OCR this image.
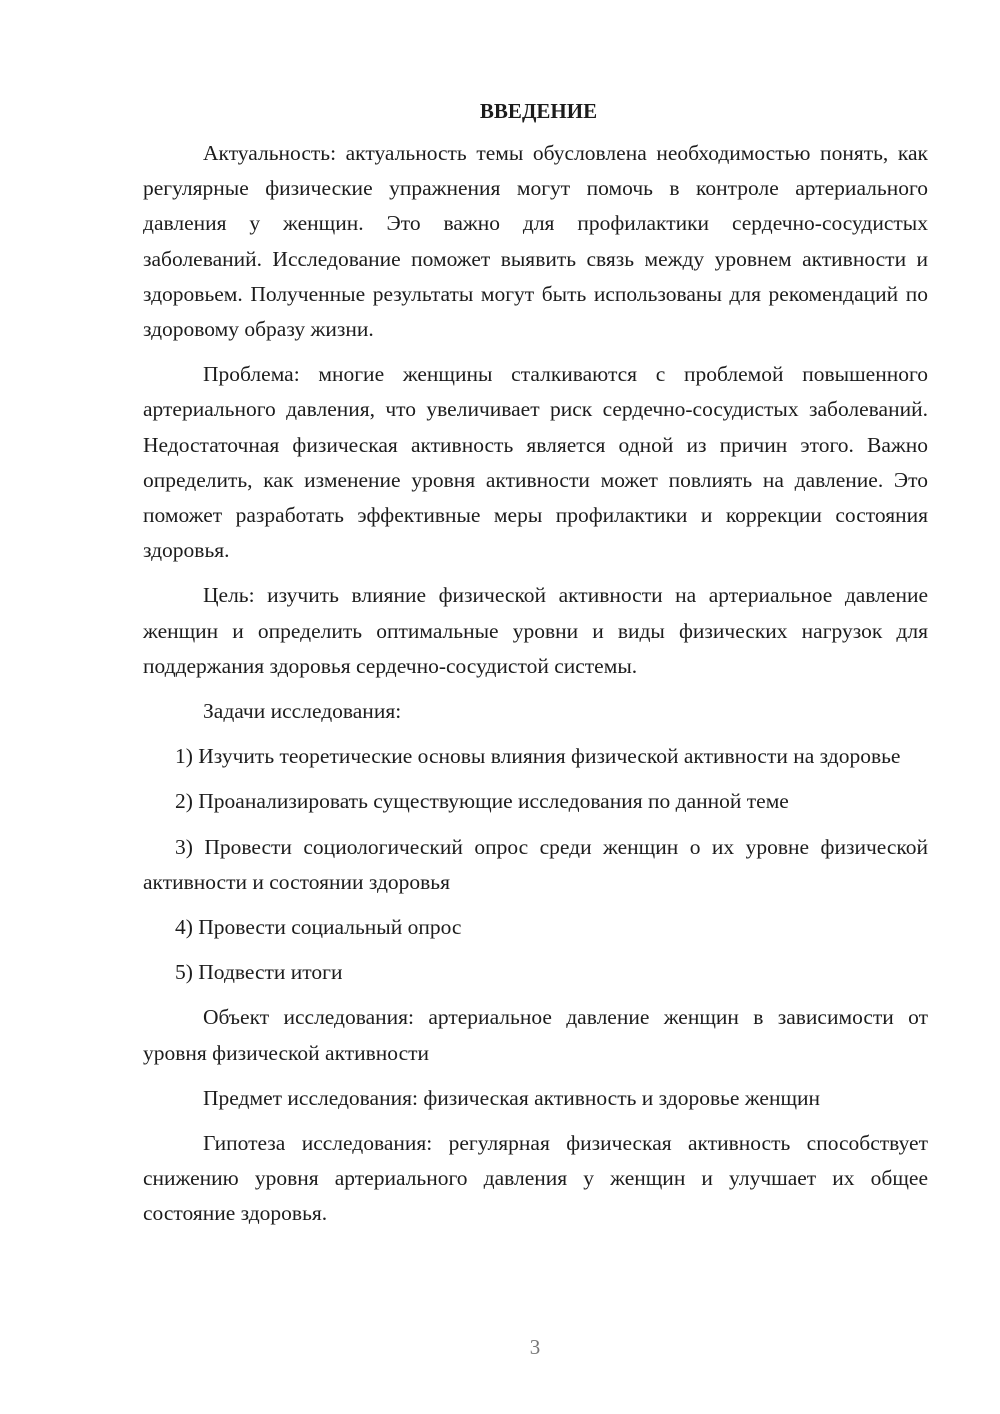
ВВЕДЕНИЕ

Актуальность: актуальность темы обусловлена необходимостью понять, как регулярные физические упражнения могут помочь в контроле артериального давления у женщин. Это важно для профилактики сердечно-сосудистых заболеваний. Исследование поможет выявить связь между уровнем активности и здоровьем. Полученные результаты могут быть использованы для рекомендаций по здоровому образу жизни.

Проблема: многие женщины сталкиваются с проблемой повышенного артериального давления, что увеличивает риск сердечно-сосудистых заболеваний. Недостаточная физическая активность является одной из причин этого. Важно определить, как изменение уровня активности может повлиять на давление. Это поможет разработать эффективные меры профилактики и коррекции состояния здоровья.

Цель: изучить влияние физической активности на артериальное давление женщин и определить оптимальные уровни и виды физических нагрузок для поддержания здоровья сердечно-сосудистой системы.

Задачи исследования:

1) Изучить теоретические основы влияния физической активности на здоровье

2) Проанализировать существующие исследования по данной теме

3) Провести социологический опрос среди женщин о их уровне физической активности и состоянии здоровья

4) Провести социальный опрос

5) Подвести итоги

Объект исследования: артериальное давление женщин в зависимости от уровня физической активности

Предмет исследования: физическая активность и здоровье женщин

Гипотеза исследования: регулярная физическая активность способствует снижению уровня артериального давления у женщин и улучшает их общее состояние здоровья.

3
